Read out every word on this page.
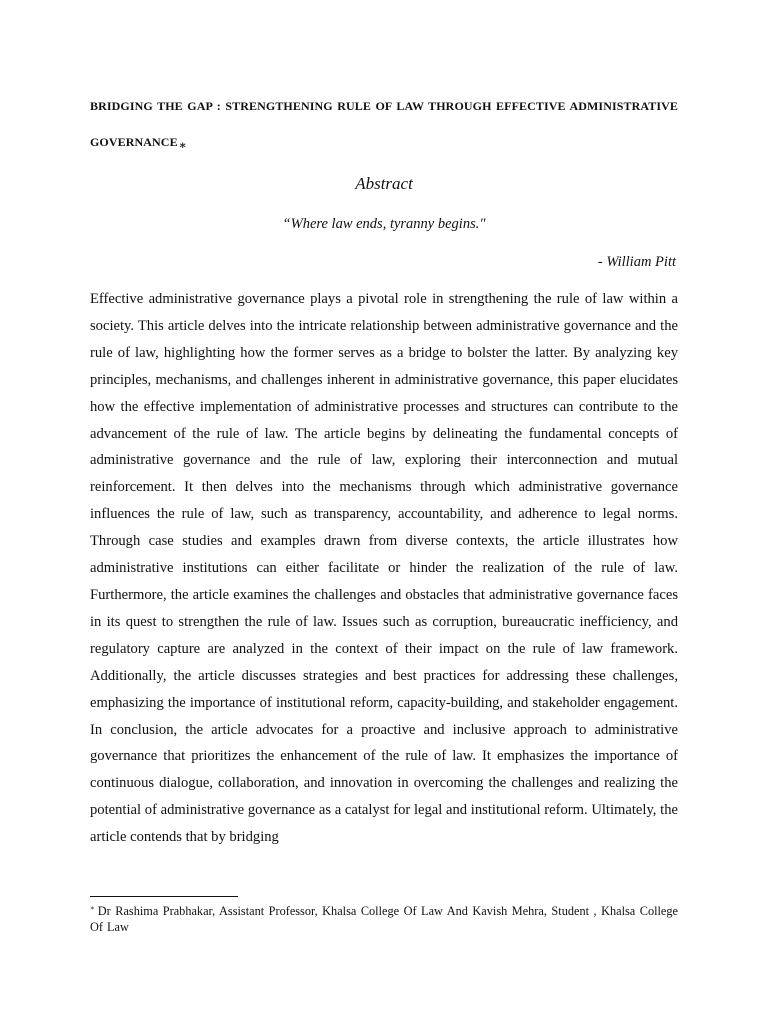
BRIDGING THE GAP : STRENGTHENING RULE OF LAW THROUGH EFFECTIVE ADMINISTRATIVE GOVERNANCE∗
Abstract
“Where law ends, tyranny begins."
- William Pitt

Effective administrative governance plays a pivotal role in strengthening the rule of law within a society. This article delves into the intricate relationship between administrative governance and the rule of law, highlighting how the former serves as a bridge to bolster the latter. By analyzing key principles, mechanisms, and challenges inherent in administrative governance, this paper elucidates how the effective implementation of administrative processes and structures can contribute to the advancement of the rule of law. The article begins by delineating the fundamental concepts of administrative governance and the rule of law, exploring their interconnection and mutual reinforcement. It then delves into the mechanisms through which administrative governance influences the rule of law, such as transparency, accountability, and adherence to legal norms. Through case studies and examples drawn from diverse contexts, the article illustrates how administrative institutions can either facilitate or hinder the realization of the rule of law. Furthermore, the article examines the challenges and obstacles that administrative governance faces in its quest to strengthen the rule of law. Issues such as corruption, bureaucratic inefficiency, and regulatory capture are analyzed in the context of their impact on the rule of law framework. Additionally, the article discusses strategies and best practices for addressing these challenges, emphasizing the importance of institutional reform, capacity-building, and stakeholder engagement. In conclusion, the article advocates for a proactive and inclusive approach to administrative governance that prioritizes the enhancement of the rule of law. It emphasizes the importance of continuous dialogue, collaboration, and innovation in overcoming the challenges and realizing the potential of administrative governance as a catalyst for legal and institutional reform. Ultimately, the article contends that by bridging

∗ Dr Rashima Prabhakar, Assistant Professor, Khalsa College Of Law And Kavish Mehra, Student , Khalsa College Of Law
